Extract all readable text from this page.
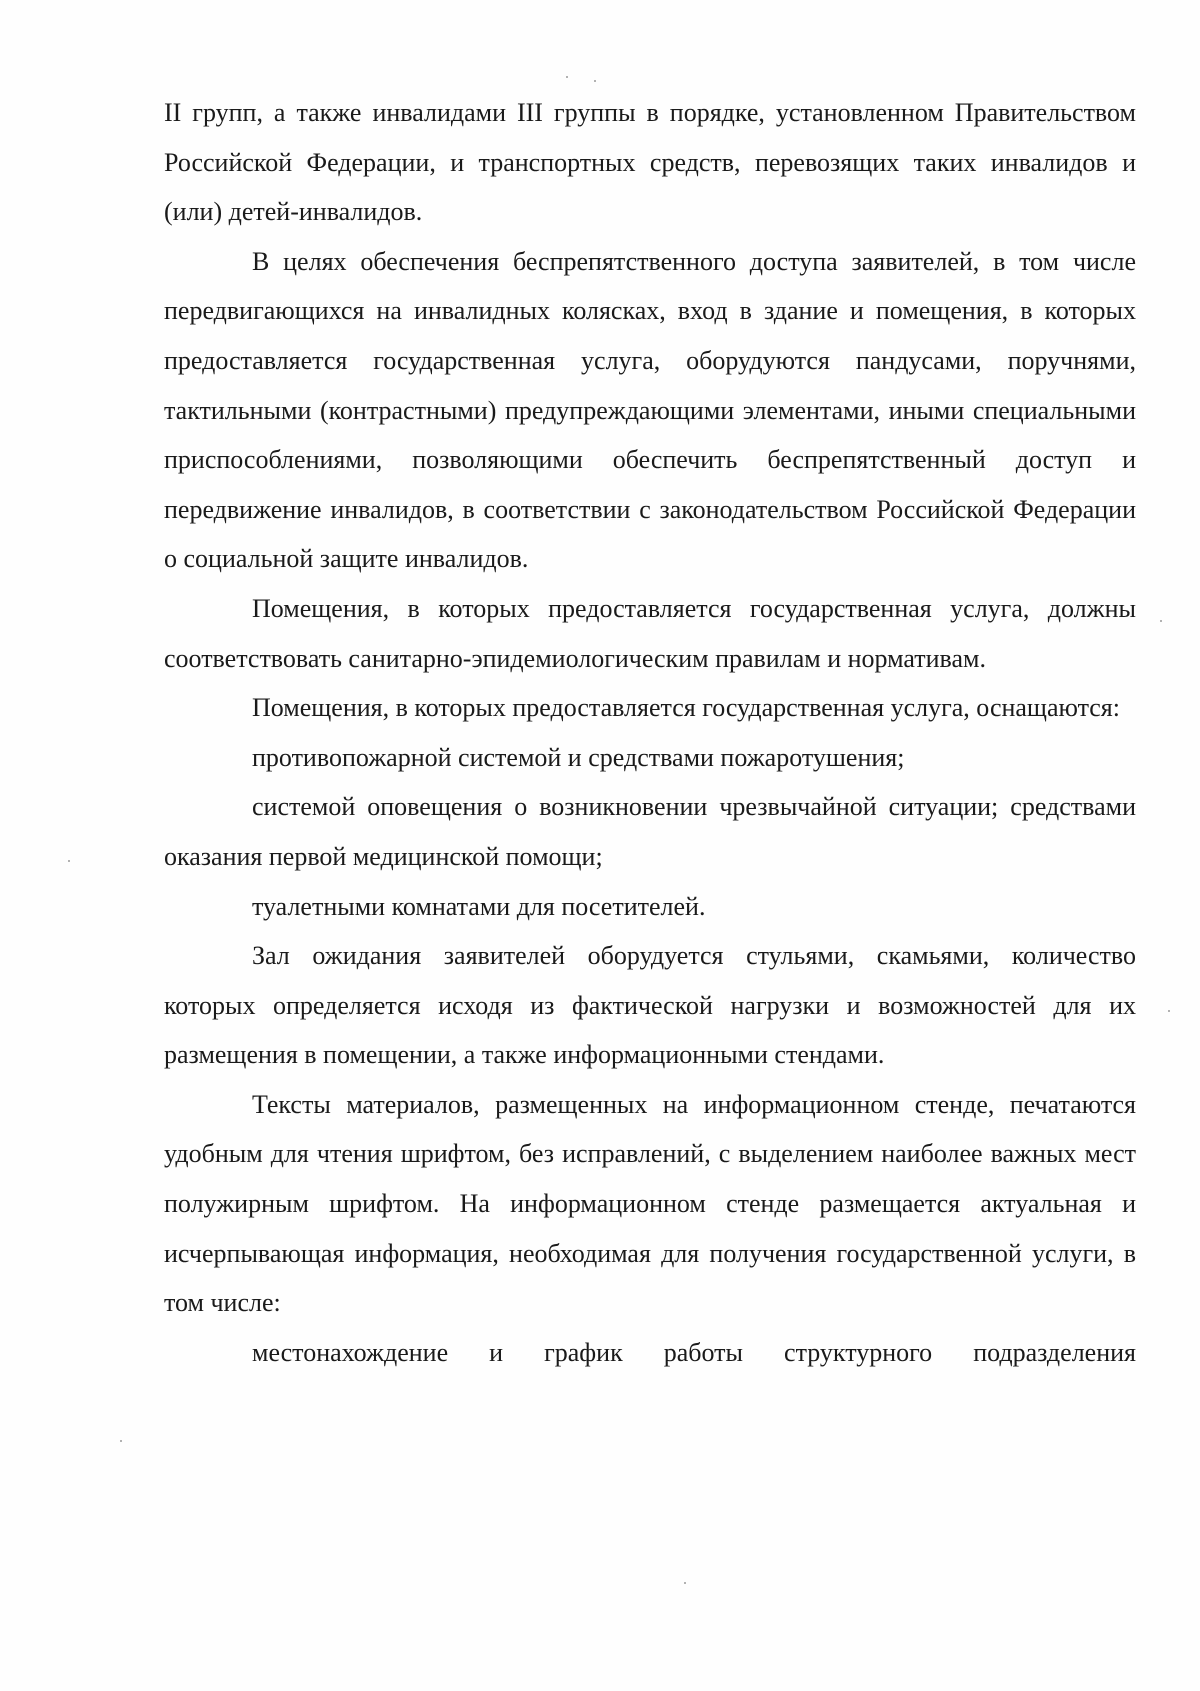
II групп, а также инвалидами III группы в порядке, установленном Правительством Российской Федерации, и транспортных средств, перевозящих таких инвалидов и (или) детей-инвалидов.

В целях обеспечения беспрепятственного доступа заявителей, в том числе передвигающихся на инвалидных колясках, вход в здание и помещения, в которых предоставляется государственная услуга, оборудуются пандусами, поручнями, тактильными (контрастными) предупреждающими элементами, иными специальными приспособлениями, позволяющими обеспечить беспрепятственный доступ и передвижение инвалидов, в соответствии с законодательством Российской Федерации о социальной защите инвалидов.

Помещения, в которых предоставляется государственная услуга, должны соответствовать санитарно-эпидемиологическим правилам и нормативам.

Помещения, в которых предоставляется государственная услуга, оснащаются:

противопожарной системой и средствами пожаротушения;

системой оповещения о возникновении чрезвычайной ситуации; средствами оказания первой медицинской помощи;

туалетными комнатами для посетителей.

Зал ожидания заявителей оборудуется стульями, скамьями, количество которых определяется исходя из фактической нагрузки и возможностей для их размещения в помещении, а также информационными стендами.

Тексты материалов, размещенных на информационном стенде, печатаются удобным для чтения шрифтом, без исправлений, с выделением наиболее важных мест полужирным шрифтом. На информационном стенде размещается актуальная и исчерпывающая информация, необходимая для получения государственной услуги, в том числе:

местонахождение и график работы структурного подразделения
